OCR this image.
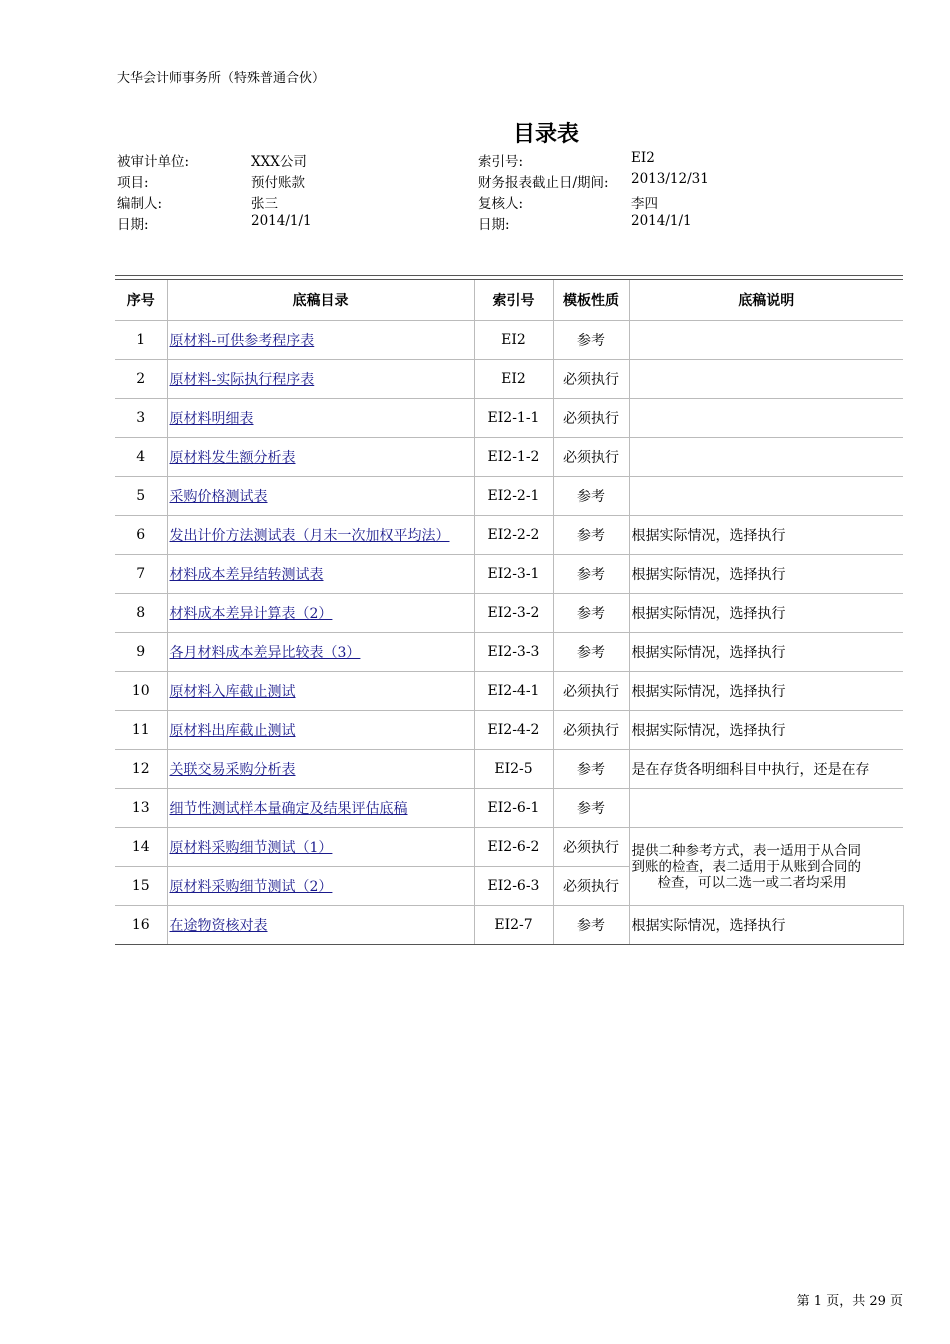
大华会计师事务所（特殊普通合伙）
目录表
被审计单位:	XXX公司	索引号:	EI2
项目:	预付账款	财务报表截止日/期间: 2013/12/31
编制人:	张三	复核人:	李四
日期:	2014/1/1	日期:	2014/1/1
序号	底稿目录	索引号	模板性质	底稿说明
1	原材料-可供参考程序表	EI2	参考	
2	原材料-实际执行程序表	EI2	必须执行	
3	原材料明细表	EI2-1-1	必须执行	
4	原材料发生额分析表	EI2-1-2	必须执行	
5	采购价格测试表	EI2-2-1	参考	
6	发出计价方法测试表（月末一次加权平均法）	EI2-2-2	参考	根据实际情况，选择执行
7	材料成本差异结转测试表	EI2-3-1	参考	根据实际情况，选择执行
8	材料成本差异计算表（2）	EI2-3-2	参考	根据实际情况，选择执行
9	各月材料成本差异比较表（3）	EI2-3-3	参考	根据实际情况，选择执行
10	原材料入库截止测试	EI2-4-1	必须执行	根据实际情况，选择执行
11	原材料出库截止测试	EI2-4-2	必须执行	根据实际情况，选择执行
12	关联交易采购分析表	EI2-5	参考	是在存货各明细科目中执行，还是在存
13	细节性测试样本量确定及结果评估底稿	EI2-6-1	参考	
14	原材料采购细节测试（1）	EI2-6-2	必须执行	提供二种参考方式，表一适用于从合同
到账的检查，表二适用于从账到合同的
检查，可以二选一或二者均采用

15	原材料采购细节测试（2）	EI2-6-3	必须执行	
16	在途物资核对表	EI2-7	参考	根据实际情况，选择执行
第 1 页，共 29 页
